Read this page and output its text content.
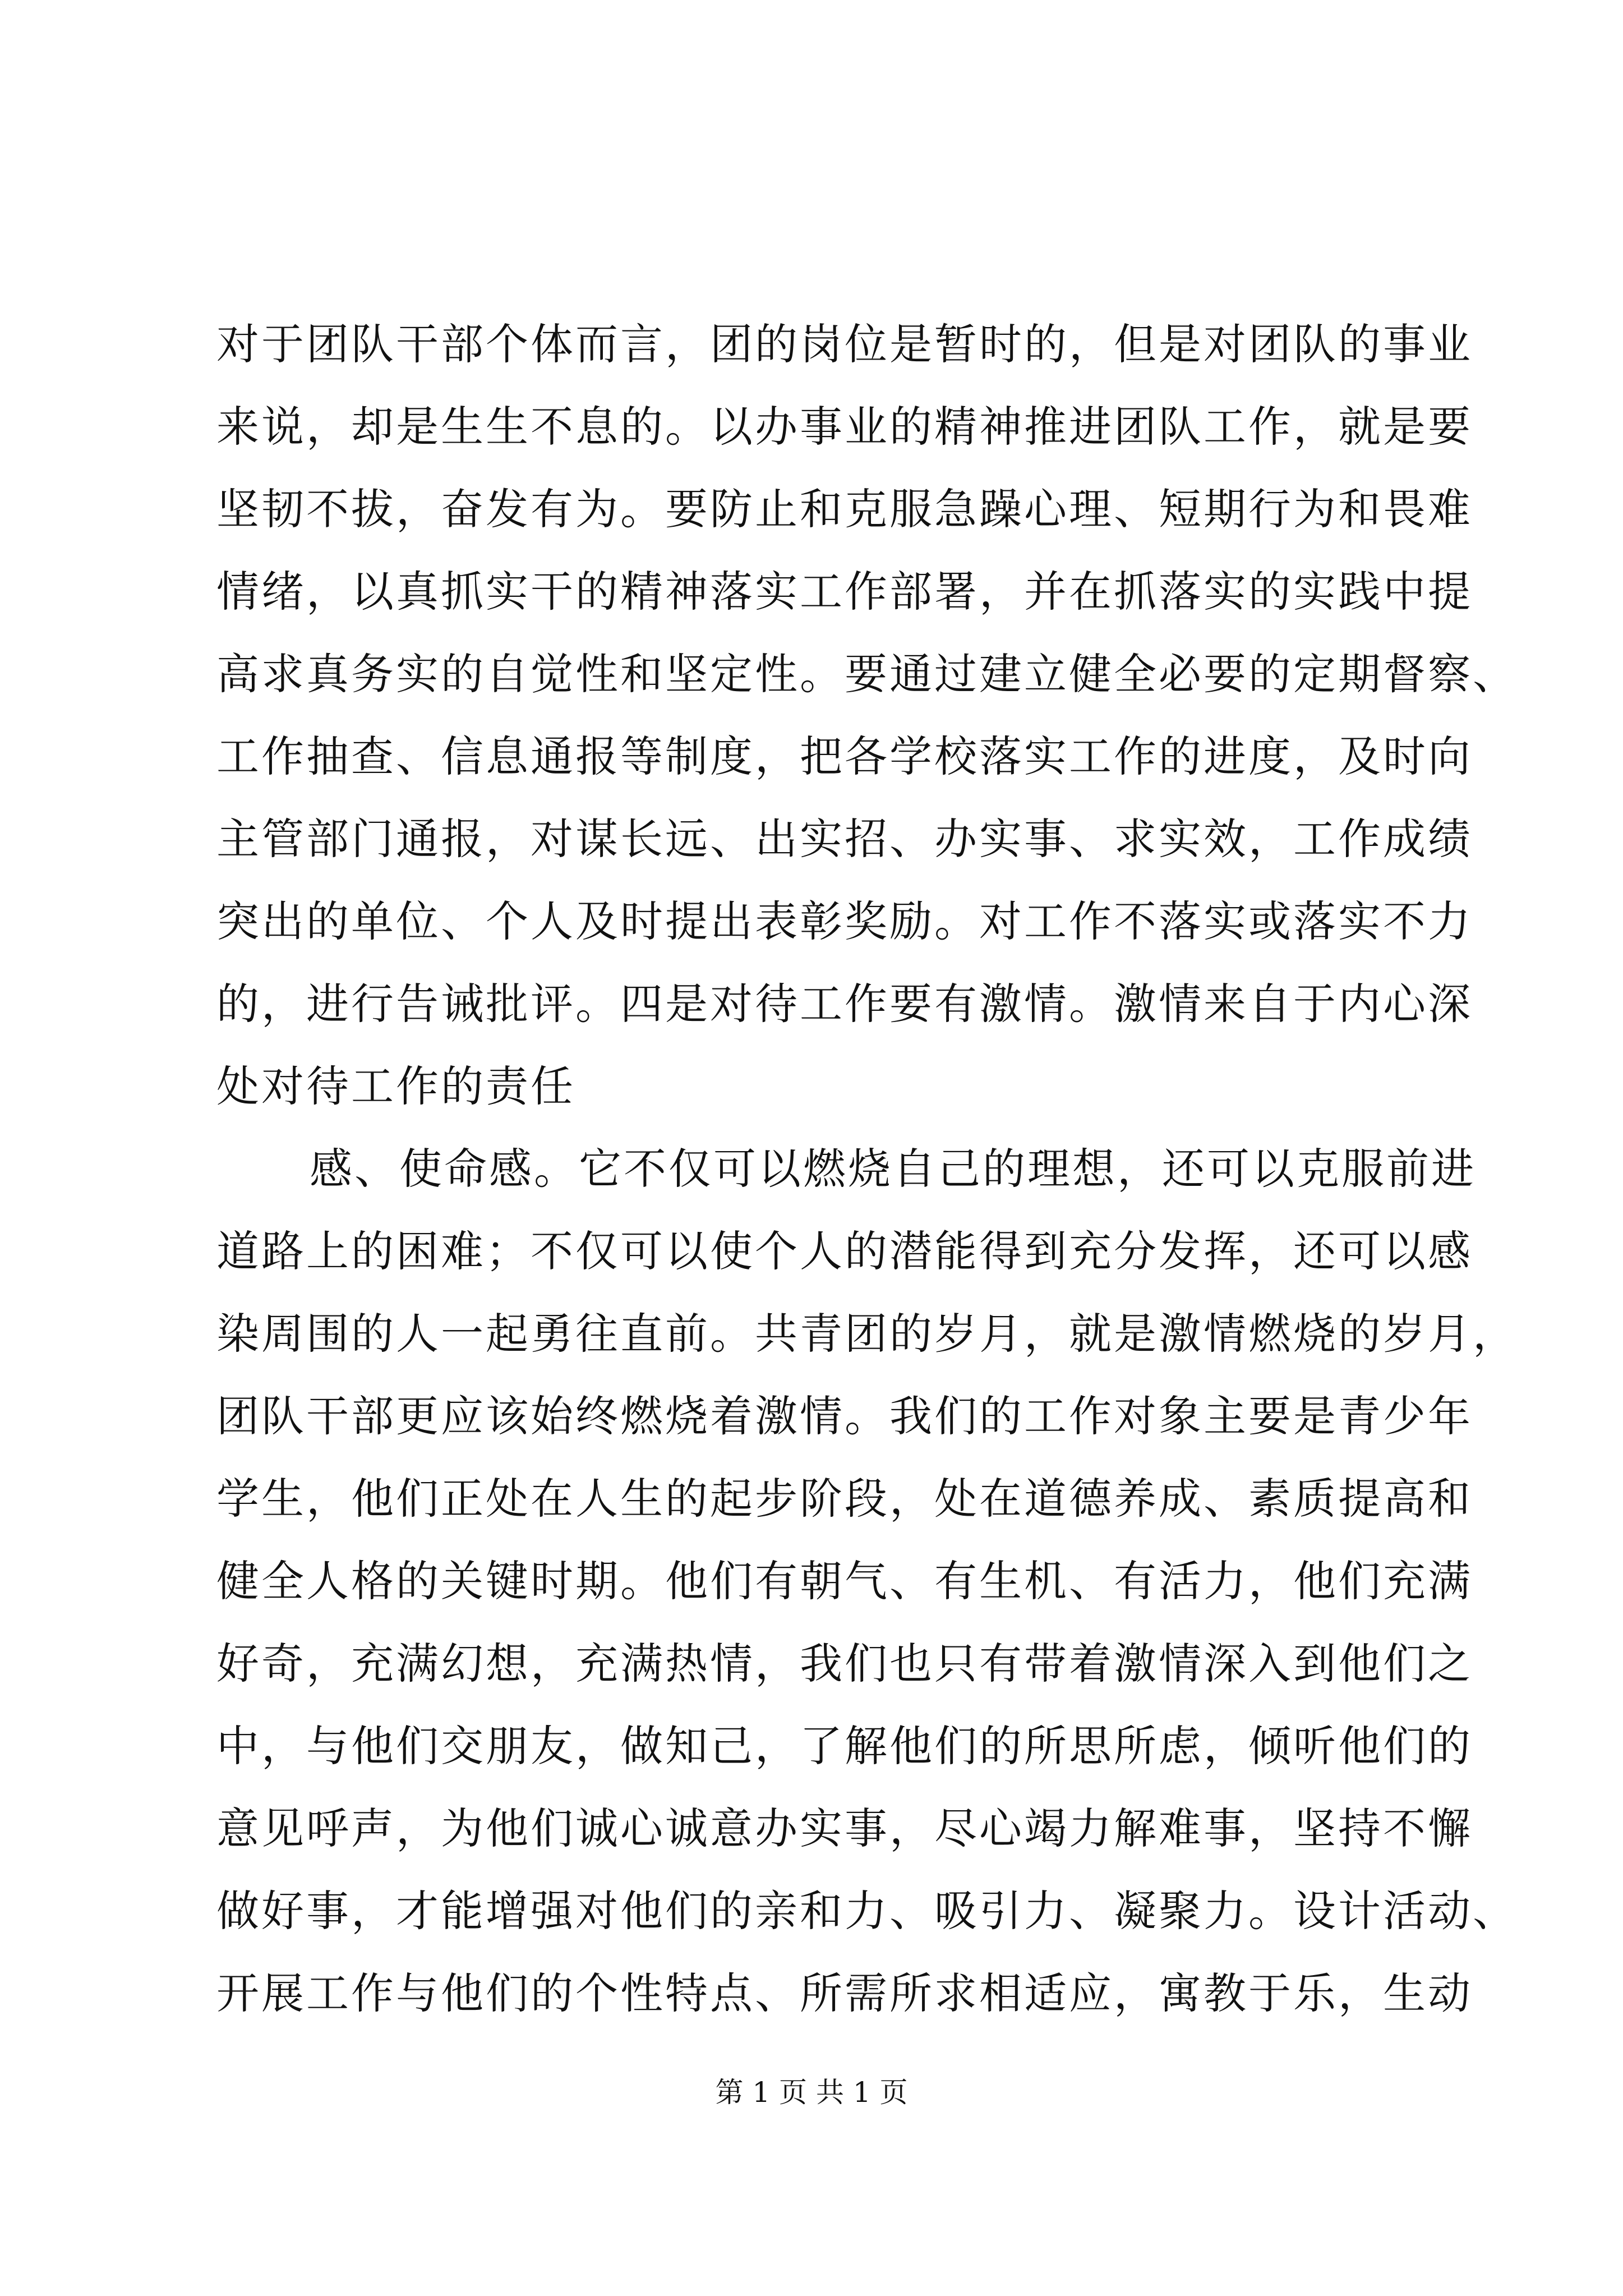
对于团队干部个体而言，团的岗位是暂时的，但是对团队的事业
来说，却是生生不息的。以办事业的精神推进团队工作，就是要
坚韧不拔，奋发有为。要防止和克服急躁心理、短期行为和畏难
情绪，以真抓实干的精神落实工作部署，并在抓落实的实践中提
高求真务实的自觉性和坚定性。要通过建立健全必要的定期督察、
工作抽查、信息通报等制度，把各学校落实工作的进度，及时向
主管部门通报，对谋长远、出实招、办实事、求实效，工作成绩
突出的单位、个人及时提出表彰奖励。对工作不落实或落实不力
的，进行告诫批评。四是对待工作要有激情。激情来自于内心深
处对待工作的责任
感、使命感。它不仅可以燃烧自己的理想，还可以克服前进
道路上的困难；不仅可以使个人的潜能得到充分发挥，还可以感
染周围的人一起勇往直前。共青团的岁月，就是激情燃烧的岁月，
团队干部更应该始终燃烧着激情。我们的工作对象主要是青少年
学生，他们正处在人生的起步阶段，处在道德养成、素质提高和
健全人格的关键时期。他们有朝气、有生机、有活力，他们充满
好奇，充满幻想，充满热情，我们也只有带着激情深入到他们之
中，与他们交朋友，做知己，了解他们的所思所虑，倾听他们的
意见呼声，为他们诚心诚意办实事，尽心竭力解难事，坚持不懈
做好事，才能增强对他们的亲和力、吸引力、凝聚力。设计活动、
开展工作与他们的个性特点、所需所求相适应，寓教于乐，生动
第 1 页 共 1 页
